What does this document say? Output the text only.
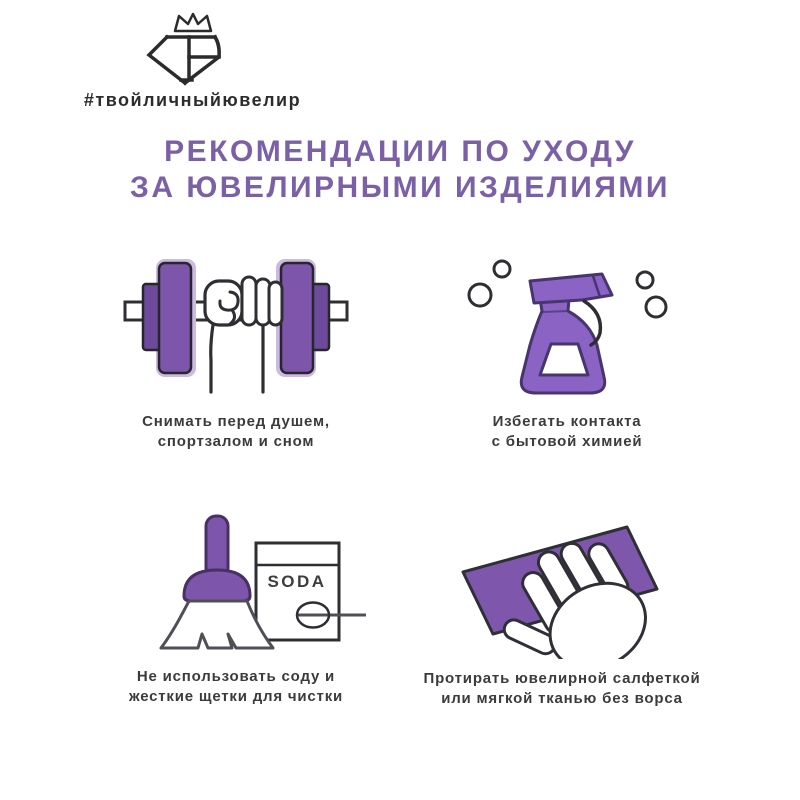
#твойличныйювелир
РЕКОМЕНДАЦИИ ПО УХОДУ
ЗА ЮВЕЛИРНЫМИ ИЗДЕЛИЯМИ

Снимать перед душем,
спортзалом и сном

Избегать контакта
с бытовой химией

SODA

Не использовать соду и
жесткие щетки для чистки

Протирать ювелирной салфеткой
или мягкой тканью без ворса
